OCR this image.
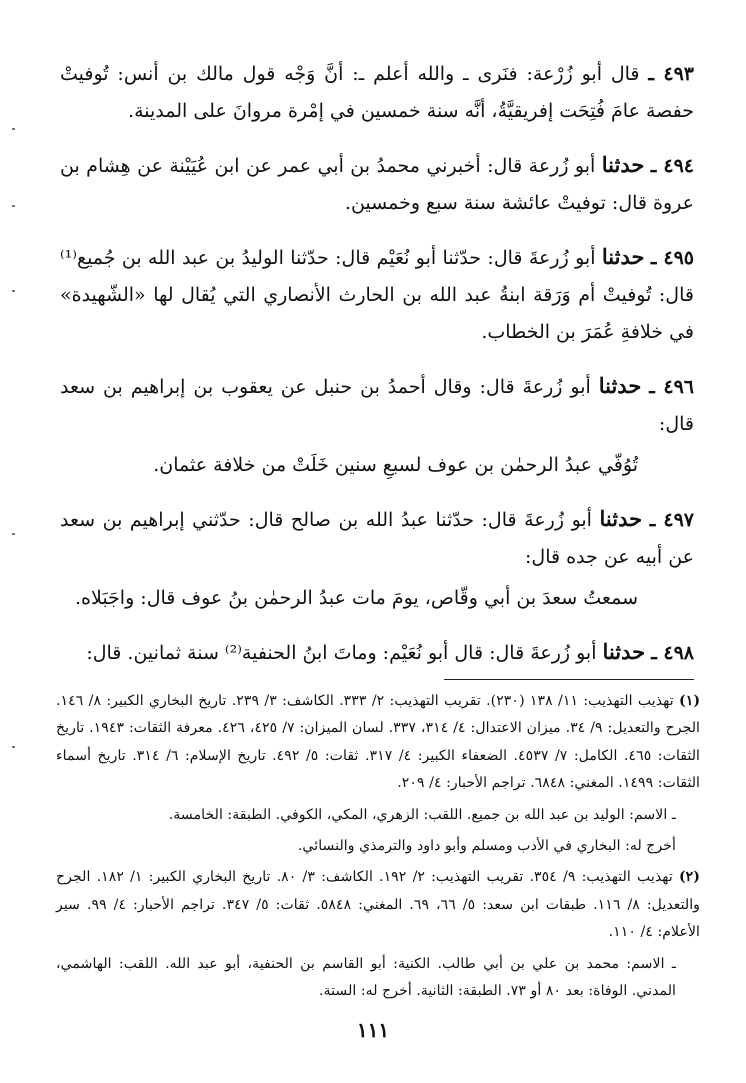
٤٩٣ ـ قال أبو زُرْعة: فنَرى ـ والله أعلم ـ: أنَّ وَجْه قول مالك بن أنس: تُوفيتْ حفصة عامَ فُتِحَت إفريقيَّةُ، أنَّه سنة خمسين في إمْرة مروانَ على المدينة.

٤٩٤ ـ حدثنا أبو زُرعة قال: أخبرني محمدُ بن أبي عمر عن ابن عُيَيْنة عن هِشام بن عروة قال: توفيتْ عائشة سنة سبع وخمسين.

٤٩٥ ـ حدثنا أبو زُرعةَ قال: حدّثنا أبو نُعَيْم قال: حدّثنا الوليدُ بن عبد الله بن جُميع⁽¹⁾ قال: تُوفيتْ أم وَرَقة ابنةُ عبد الله بن الحارث الأنصاري التي يُقال لها «الشّهيدة» في خلافةِ عُمَرَ بن الخطاب.

٤٩٦ ـ حدثنا أبو زُرعةَ قال: وقال أحمدُ بن حنبل عن يعقوب بن إبراهيم بن سعد قال:

تُوُفّي عبدُ الرحمٰن بن عوف لسبعِ سنين خَلَتْ من خلافة عثمان.

٤٩٧ ـ حدثنا أبو زُرعةَ قال: حدّثنا عبدُ الله بن صالح قال: حدّثني إبراهيم بن سعد عن أبيه عن جده قال:

سمعتُ سعدَ بن أبي وقّاص، يومَ مات عبدُ الرحمٰن بنُ عوف قال: واجَبَلاه.

٤٩٨ ـ حدثنا أبو زُرعةَ قال: قال أبو نُعَيْم: وماتَ ابنُ الحنفية⁽²⁾ سنة ثمانين. قال:

(١) تهذيب التهذيب: ١١/ ١٣٨ (٢٣٠). تقريب التهذيب: ٢/ ٣٣٣. الكاشف: ٣/ ٢٣٩. تاريخ البخاري الكبير: ٨/ ١٤٦. الجرح والتعديل: ٩/ ٣٤. ميزان الاعتدال: ٤/ ٣١٤، ٣٣٧. لسان الميزان: ٧/ ٤٢٥، ٤٢٦. معرفة الثقات: ١٩٤٣. تاريخ الثقات: ٤٦٥. الكامل: ٧/ ٤٥٣٧. الضعفاء الكبير: ٤/ ٣١٧. ثقات: ٥/ ٤٩٢. تاريخ الإسلام: ٦/ ٣١٤. تاريخ أسماء الثقات: ١٤٩٩. المغني: ٦٨٤٨. تراجم الأحبار: ٤/ ٢٠٩.

ـ الاسم: الوليد بن عبد الله بن جميع. اللقب: الزهري، المكي، الكوفي. الطبقة: الخامسة.

أخرج له: البخاري في الأدب ومسلم وأبو داود والترمذي والنسائي.

(٢) تهذيب التهذيب: ٩/ ٣٥٤. تقريب التهذيب: ٢/ ١٩٢. الكاشف: ٣/ ٨٠. تاريخ البخاري الكبير: ١/ ١٨٢. الجرح والتعديل: ٨/ ١١٦. طبقات ابن سعد: ٥/ ٦٦، ٦٩. المغني: ٥٨٤٨. ثقات: ٥/ ٣٤٧. تراجم الأحبار: ٤/ ٩٩. سير الأعلام: ٤/ ١١٠.

ـ الاسم: محمد بن علي بن أبي طالب. الكنية: أبو القاسم بن الحنفية، أبو عبد الله. اللقب: الهاشمي، المدني. الوفاة: بعد ٨٠ أو ٧٣. الطبقة: الثانية. أخرج له: الستة.

١١١
